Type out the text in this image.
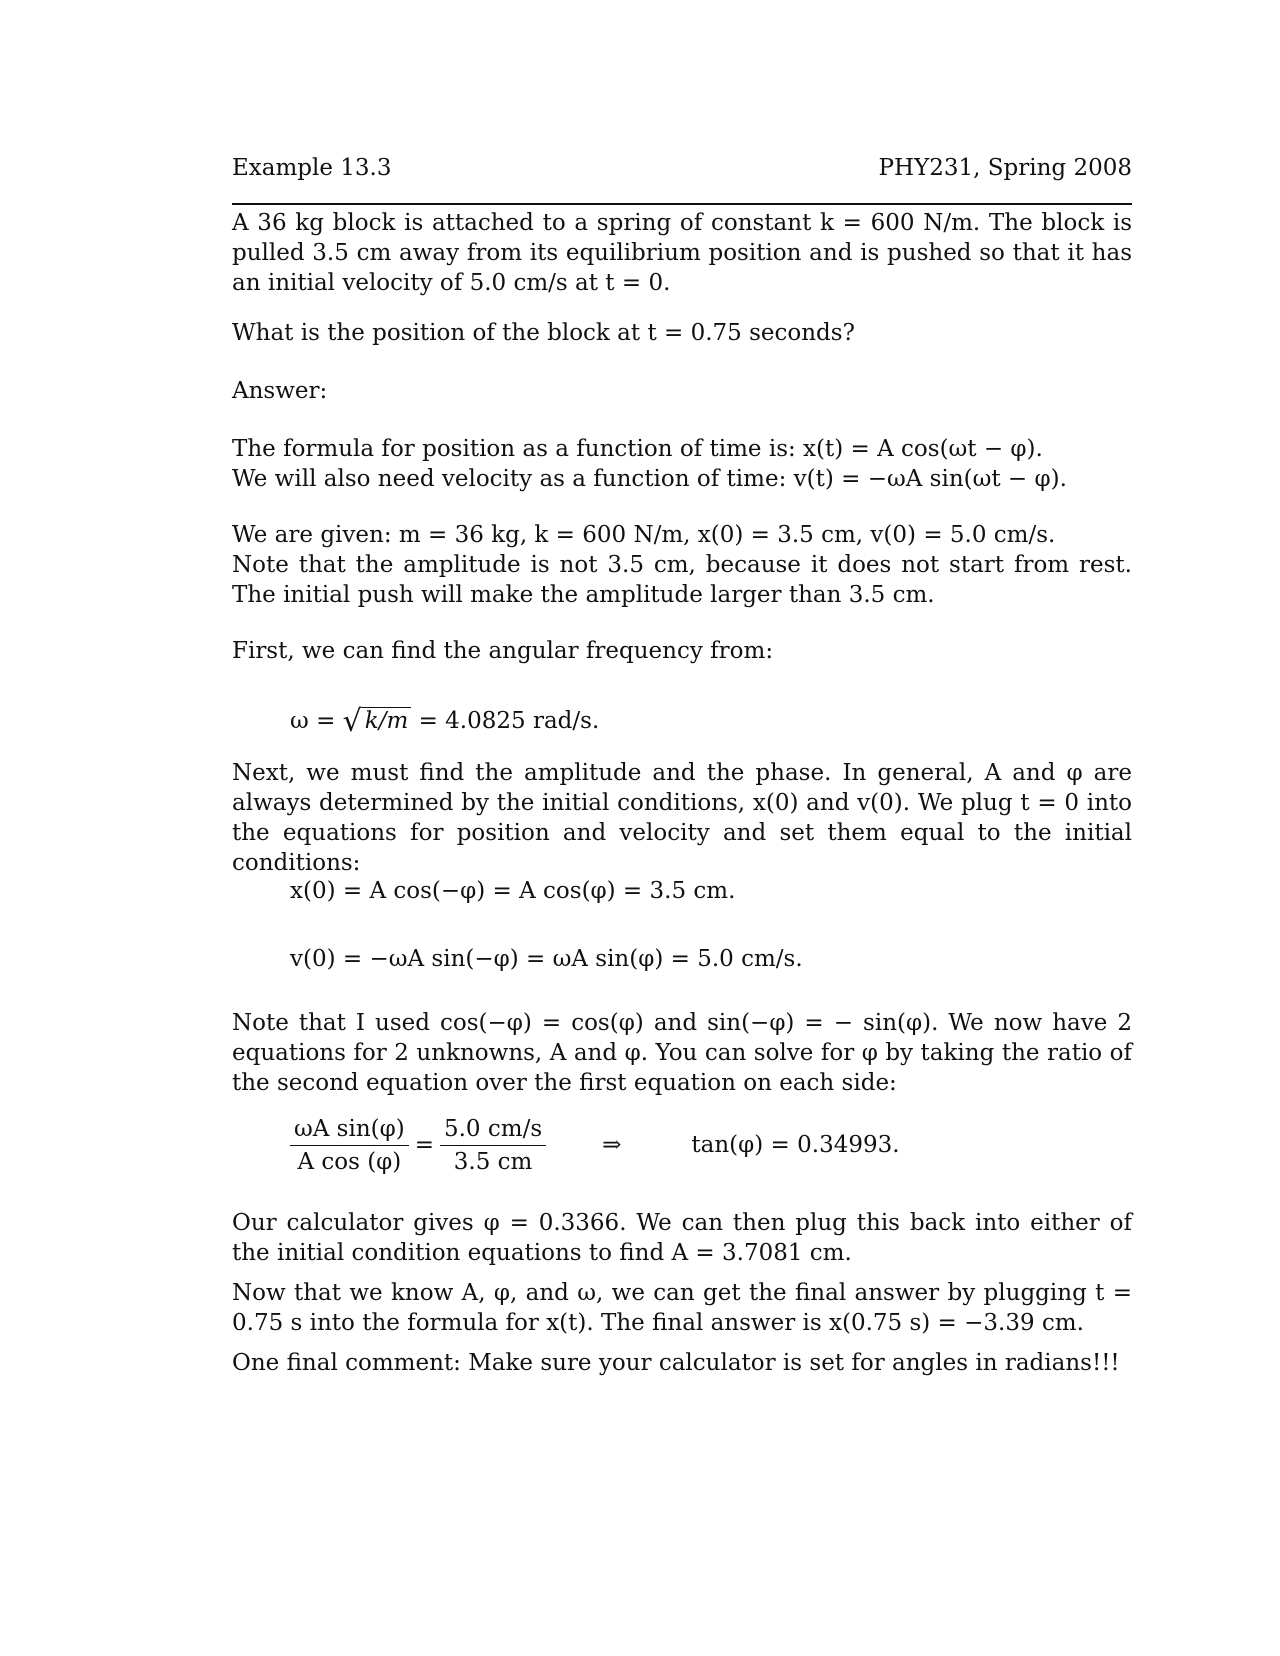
Example 13.3	PHY231, Spring 2008

A 36 kg block is attached to a spring of constant k = 600 N/m. The block is pulled 3.5 cm away from its equilibrium position and is pushed so that it has an initial velocity of 5.0 cm/s at t = 0.

What is the position of the block at t = 0.75 seconds?

Answer:

The formula for position as a function of time is: x(t) = A cos(ωt − φ).

We will also need velocity as a function of time: v(t) = −ωA sin(ωt − φ).

We are given: m = 36 kg, k = 600 N/m, x(0) = 3.5 cm, v(0) = 5.0 cm/s.

Note that the amplitude is not 3.5 cm, because it does not start from rest. The initial push will make the amplitude larger than 3.5 cm.

First, we can find the angular frequency from:

ω = √ k/m = 4.0825 rad/s.

Next, we must find the amplitude and the phase. In general, A and φ are always determined by the initial conditions, x(0) and v(0). We plug t = 0 into the equations for position and velocity and set them equal to the initial conditions:

x(0) = A cos(−φ) = A cos(φ) = 3.5 cm.
v(0) = −ωA sin(−φ) = ωA sin(φ) = 5.0 cm/s.

Note that I used cos(−φ) = cos(φ) and sin(−φ) = − sin(φ). We now have 2 equations for 2 unknowns, A and φ. You can solve for φ by taking the ratio of the second equation over the first equation on each side:

$\frac{\text{ωA sin(φ)}}{\text{A cos (φ)}} = \frac{5.0 cm/s}{3.5 cm}$ ⇒	tan(φ) = 0.34993.

Our calculator gives φ = 0.3366. We can then plug this back into either of the initial condition equations to find A = 3.7081 cm.

Now that we know A, φ, and ω, we can get the final answer by plugging t = 0.75 s into the formula for x(t). The final answer is x(0.75 s) = −3.39 cm.

One final comment: Make sure your calculator is set for angles in radians!!!
